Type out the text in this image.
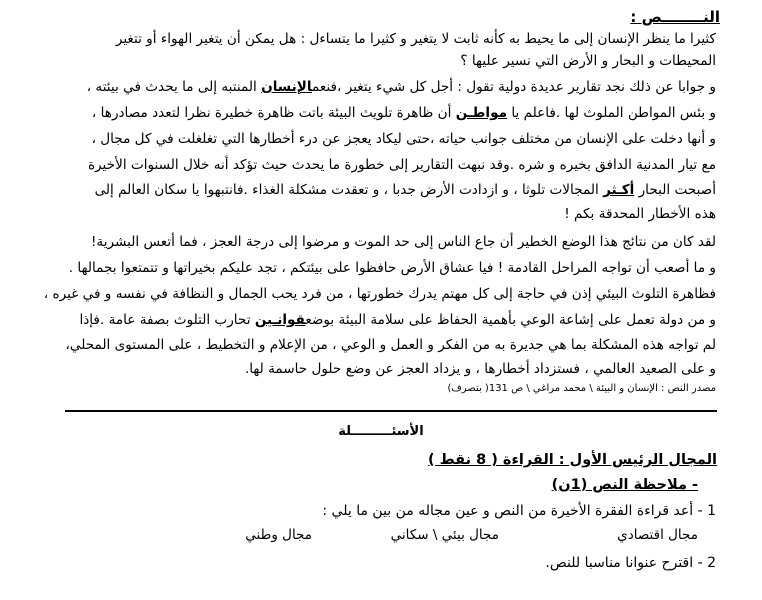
النــــــــص :
كثيرا ما ينظر الإنسان إلى ما يحيط به كأنه ثابت لا يتغير و كثيرا ما يتساءل : هل يمكن أن يتغير الهواء أو تتغير
المحيطات و البحار و الأرض التي نسير عليها ؟
و جوابا عن ذلك نجد تقارير عديدة دولية تقول : أجل كل شيء يتغير ،فنعمالإنسان المنتبه إلى ما يحدث في بيئته ،
و بئس المواطن الملوث لها .فاعلم يا مواطـن أن ظاهرة تلويث البيئة باتت ظاهرة خطيرة نظرا لتعدد مصادرها ،
و أنها دخلت على الإنسان من مختلف جوانب حياته ،حتى ليكاد يعجز عن درء أخطارها التي تغلغلت في كل مجال ،
مع تيار المدنية الدافق بخيره و شره .وقد نبهت التقارير إلى خطورة ما يحدث حيث تؤكد أنه خلال السنوات الأخيرة
أصبحت البحار أكـثر المجالات تلوثا ، و ازدادت الأرض جدبا ، و تعقدت مشكلة الغذاء .فانتبهوا يا سكان العالم إلى
هذه الأخطار المحدقة بكم !
لقد كان من نتائج هذا الوضع الخطير أن جاع الناس إلى حد الموت و مرضوا إلى درجة العجز ، فما أتعس البشرية!
و ما أصعب أن تواجه المراحل القادمة ! فيا عشاق الأرض حافظوا على بيئتكم ، تجد عليكم بخيراتها و تتمتعوا بجمالها .
فظاهرة التلوث البيئي إذن في حاجة إلى كل مهتم يدرك خطورتها ، من فرد يحب الجمال و النظافة في نفسه و في غيره ،
و من دولة تعمل على إشاعة الوعي بأهمية الحفاظ على سلامة البيئة بوضعقوانـين تحارب التلوث بصفة عامة .فإذا
لم تواجه هذه المشكلة بما هي جديرة به من الفكر و العمل و الوعي ، من الإعلام و التخطيط ، على المستوى المحلي،
و على الصعيد العالمي ، فستزداد أخطارها ، و يزداد العجز عن وضع حلول حاسمة لها.
مصدر النص : الإنسان و البيئة \ محمد مراغي \ ص 131( بتصرف)
الأسئـــــــــلة
المجال الرئيس الأول : القراءة ( 8 نقط )
- ملاحظة النص (1ن)
1 - أعد قراءة الفقرة الأخيرة من النص و عين مجاله من بين ما يلي :
مجال اقتصادي
مجال بيئي \ سكاني
مجال وطني
2 - اقترح عنوانا مناسبا للنص.
